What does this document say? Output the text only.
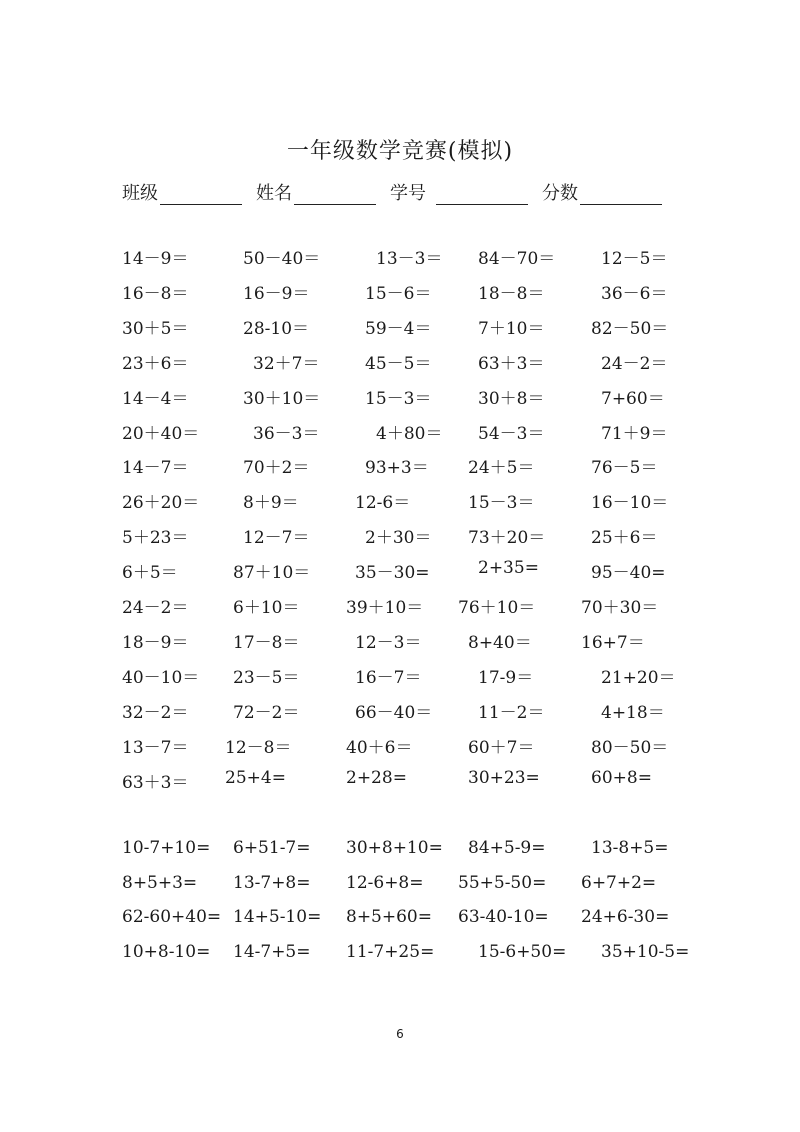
一年级数学竞赛(模拟)
班级	姓名	学号	分数
14－9＝	50－40＝	13－3＝ 84－70＝	12－5＝
16－8＝	16－9＝	15－6＝	18－8＝	36－6＝
30＋5＝	28-10＝	59－4＝	7＋10＝	82－50＝
23＋6＝	32＋7＝	45－5＝	63＋3＝	24－2＝
14－4＝	30＋10＝	15－3＝	30＋8＝	7+60＝
20＋40＝	36－3＝	4＋80＝ 54－3＝	71＋9＝
14－7＝	70＋2＝	93+3＝ 24＋5＝	76－5＝
26＋20＝	8＋9＝	12-6＝	15－3＝	16－10＝
5＋23＝	12－7＝	2＋30＝ 73＋20＝	25＋6＝
6＋5＝	87＋10＝	35－30=	2+35=	95－40=
24－2＝	6＋10＝	39＋10＝ 76＋10＝	70＋30＝
18－9＝	17－8＝	12－3＝	8+40＝	16+7＝
40－10＝ 23－5＝	16－7＝	17-9＝	21+20＝
32－2＝	72－2＝	66－40＝	11－2＝	4+18＝
13－7＝ 12－8＝	40＋6＝	60＋7＝	80－50＝
63＋3＝ 25+4=	2+28=	30+23=	60+8=
10-7+10= 6+51-7= 30+8+10= 84+5-9=	13-8+5=
8+5+3= 13-7+8= 12-6+8= 55+5-50= 6+7+2=
62-60+40= 14+5-10= 8+5+60= 63-40-10= 24+6-30=
10+8-10= 14-7+5= 11-7+25=	15-6+50= 35+10-5=
6
